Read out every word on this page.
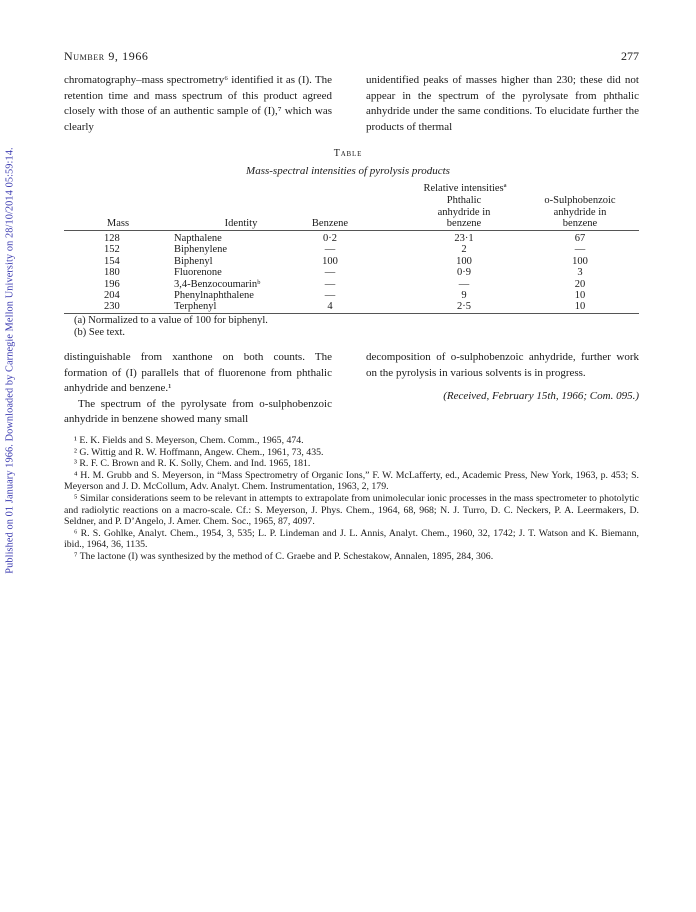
Published on 01 January 1966. Downloaded by Carnegie Mellon University on 28/10/2014 05:59:14.
Number 9, 1966	277

chromatography–mass spectrometry⁶ identified it as (I). The retention time and mass spectrum of this product agreed closely with those of an authentic sample of (I),⁷ which was clearly

unidentified peaks of masses higher than 230; these did not appear in the spectrum of the pyrolysate from phthalic anhydride under the same conditions. To elucidate further the products of thermal

Table
Mass-spectral intensities of pyrolysis products
Relative intensitiesª
Phthalic
anhydride in
benzene
o-Sulphobenzoic
anhydride in
benzene
Mass	Identity	Benzene
128	Napthalene	0·2	23·1	67
152	Biphenylene	—	2	—
154	Biphenyl	100	100	100
180	Fluorenone	—	0·9	3
196	3,4-Benzocoumarinᵇ	—	—	20
204	Phenylnaphthalene	—	9	10
230	Terphenyl	4	2·5	10
(a) Normalized to a value of 100 for biphenyl.
(b) See text.

distinguishable from xanthone on both counts. The formation of (I) parallels that of fluorenone from phthalic anhydride and benzene.¹

The spectrum of the pyrolysate from o-sulphobenzoic anhydride in benzene showed many small

decomposition of o-sulphobenzoic anhydride, further work on the pyrolysis in various solvents is in progress.

(Received, February 15th, 1966; Com. 095.)

¹ E. K. Fields and S. Meyerson, Chem. Comm., 1965, 474.

² G. Wittig and R. W. Hoffmann, Angew. Chem., 1961, 73, 435.

³ R. F. C. Brown and R. K. Solly, Chem. and Ind. 1965, 181.

⁴ H. M. Grubb and S. Meyerson, in “Mass Spectrometry of Organic Ions,” F. W. McLafferty, ed., Academic Press, New York, 1963, p. 453; S. Meyerson and J. D. McCollum, Adv. Analyt. Chem. Instrumentation, 1963, 2, 179.

⁵ Similar considerations seem to be relevant in attempts to extrapolate from unimolecular ionic processes in the mass spectrometer to photolytic and radiolytic reactions on a macro-scale. Cf.: S. Meyerson, J. Phys. Chem., 1964, 68, 968; N. J. Turro, D. C. Neckers, P. A. Leermakers, D. Seldner, and P. D’Angelo, J. Amer. Chem. Soc., 1965, 87, 4097.

⁶ R. S. Gohlke, Analyt. Chem., 1954, 3, 535; L. P. Lindeman and J. L. Annis, Analyt. Chem., 1960, 32, 1742; J. T. Watson and K. Biemann, ibid., 1964, 36, 1135.

⁷ The lactone (I) was synthesized by the method of C. Graebe and P. Schestakow, Annalen, 1895, 284, 306.
